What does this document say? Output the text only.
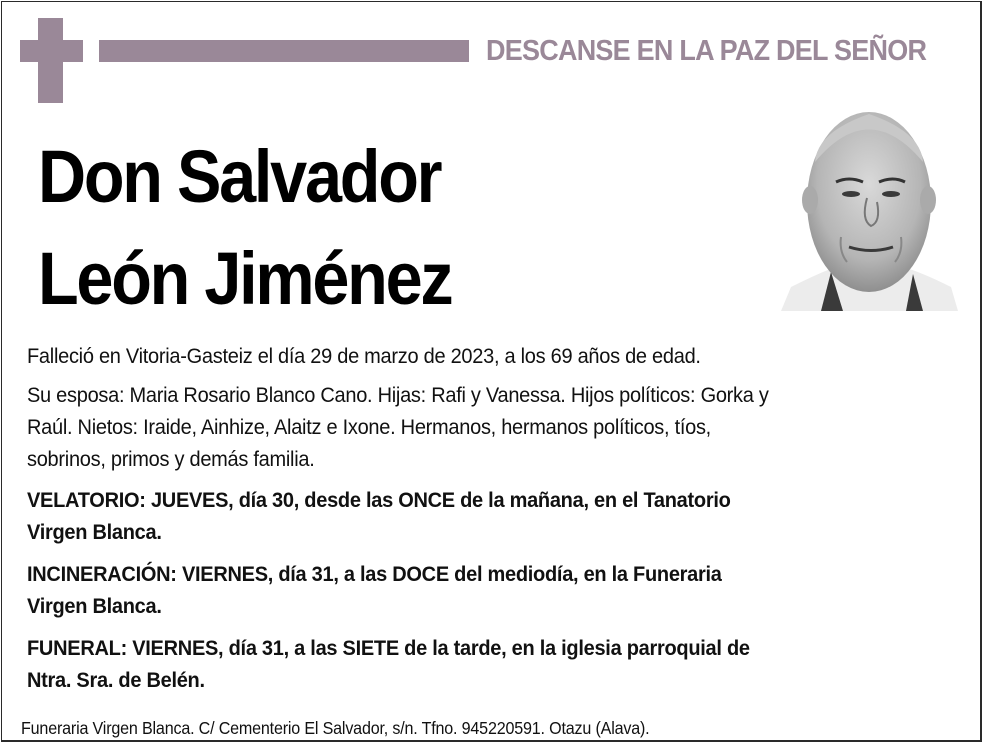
DESCANSE EN LA PAZ DEL SEÑOR
Don Salvador
León Jiménez

Falleció en Vitoria-Gasteiz el día 29 de marzo de 2023, a los 69 años de edad.

Su esposa: Maria Rosario Blanco Cano. Hijas: Rafi y Vanessa. Hijos políticos: Gorka y

Raúl. Nietos: Iraide, Ainhize, Alaitz e Ixone. Hermanos, hermanos políticos, tíos,

sobrinos, primos y demás familia.

VELATORIO: JUEVES, día 30, desde las ONCE de la mañana, en el Tanatorio

Virgen Blanca.

INCINERACIÓN: VIERNES, día 31, a las DOCE del mediodía, en la Funeraria

Virgen Blanca.

FUNERAL: VIERNES, día 31, a las SIETE de la tarde, en la iglesia parroquial de

Ntra. Sra. de Belén.

Funeraria Virgen Blanca. C/ Cementerio El Salvador, s/n. Tfno. 945220591. Otazu (Alava).
